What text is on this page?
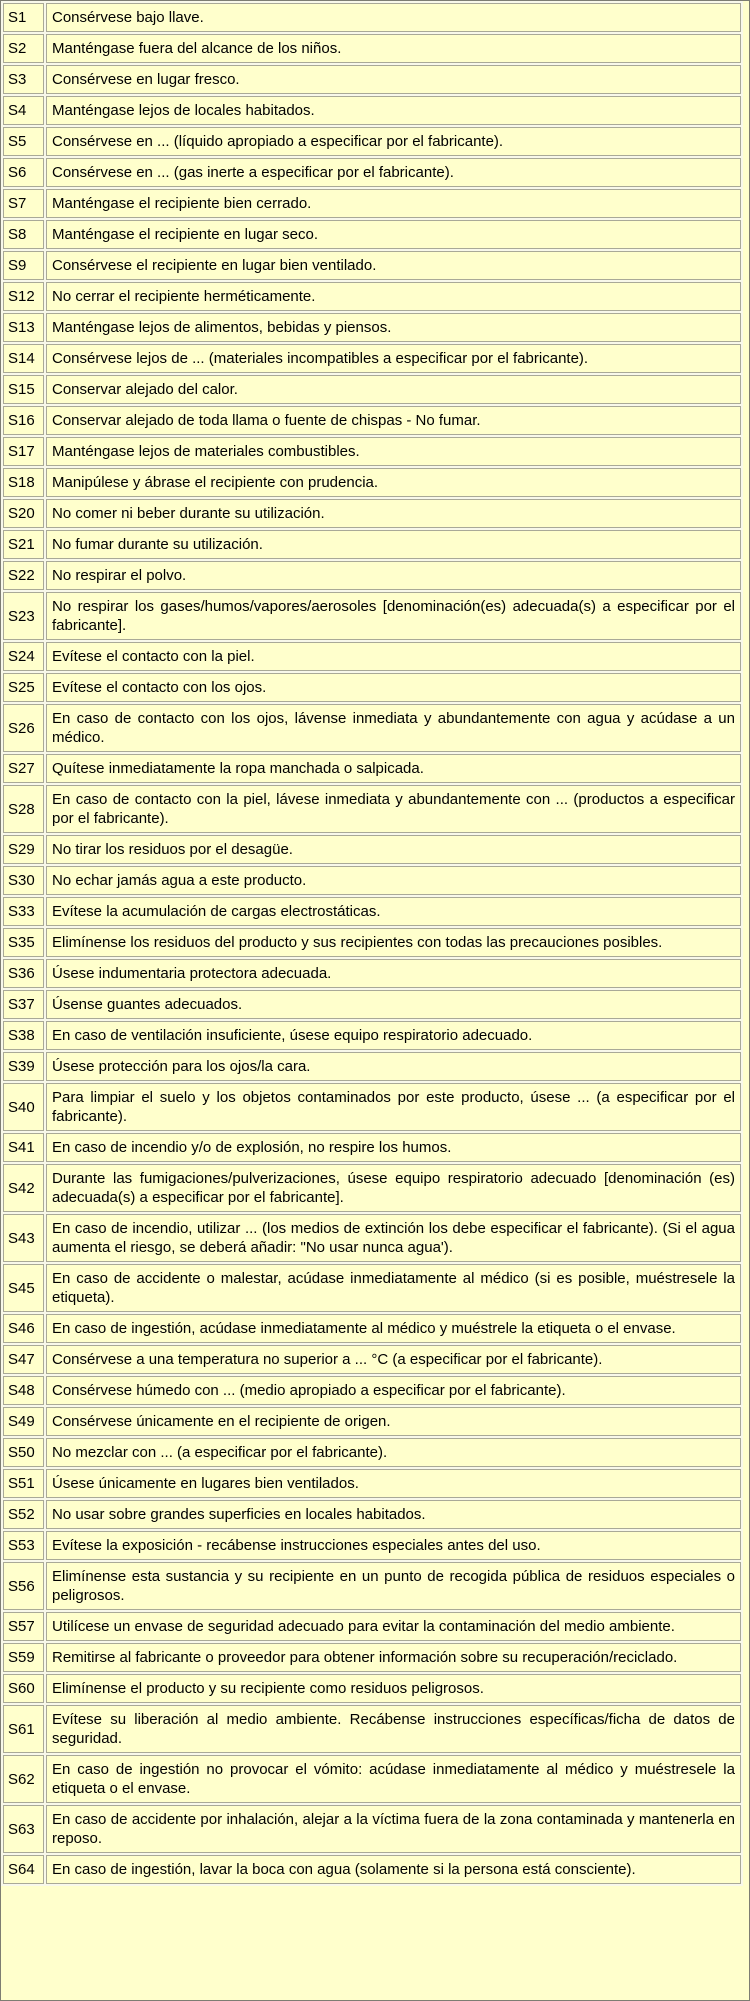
S1	Consérvese bajo llave.
S2	Manténgase fuera del alcance de los niños.
S3	Consérvese en lugar fresco.
S4	Manténgase lejos de locales habitados.
S5	Consérvese en ... (líquido apropiado a especificar por el fabricante).
S6	Consérvese en ... (gas inerte a especificar por el fabricante).
S7	Manténgase el recipiente bien cerrado.
S8	Manténgase el recipiente en lugar seco.
S9	Consérvese el recipiente en lugar bien ventilado.
S12	No cerrar el recipiente herméticamente.
S13	Manténgase lejos de alimentos, bebidas y piensos.
S14	Consérvese lejos de ... (materiales incompatibles a especificar por el fabricante).
S15	Conservar alejado del calor.
S16	Conservar alejado de toda llama o fuente de chispas - No fumar.
S17	Manténgase lejos de materiales combustibles.
S18	Manipúlese y ábrase el recipiente con prudencia.
S20	No comer ni beber durante su utilización.
S21	No fumar durante su utilización.
S22	No respirar el polvo.
S23	No respirar los gases/humos/vapores/aerosoles [denominación(es) adecuada(s) a especificar por el fabricante].
S24	Evítese el contacto con la piel.
S25	Evítese el contacto con los ojos.
S26	En caso de contacto con los ojos, lávense inmediata y abundantemente con agua y acúdase a un médico.
S27	Quítese inmediatamente la ropa manchada o salpicada.
S28	En caso de contacto con la piel, lávese inmediata y abundantemente con ... (productos a especificar por el fabricante).
S29	No tirar los residuos por el desagüe.
S30	No echar jamás agua a este producto.
S33	Evítese la acumulación de cargas electrostáticas.
S35	Elimínense los residuos del producto y sus recipientes con todas las precauciones posibles.
S36	Úsese indumentaria protectora adecuada.
S37	Úsense guantes adecuados.
S38	En caso de ventilación insuficiente, úsese equipo respiratorio adecuado.
S39	Úsese protección para los ojos/la cara.
S40	Para limpiar el suelo y los objetos contaminados por este producto, úsese ... (a especificar por el fabricante).
S41	En caso de incendio y/o de explosión, no respire los humos.
S42	Durante las fumigaciones/pulverizaciones, úsese equipo respiratorio adecuado [denominación (es) adecuada(s) a especificar por el fabricante].
S43	En caso de incendio, utilizar ... (los medios de extinción los debe especificar el fabricante). (Si el agua aumenta el riesgo, se deberá añadir: "No usar nunca agua').
S45	En caso de accidente o malestar, acúdase inmediatamente al médico (si es posible, muéstresele la etiqueta).
S46	En caso de ingestión, acúdase inmediatamente al médico y muéstrele la etiqueta o el envase.
S47	Consérvese a una temperatura no superior a ... °C (a especificar por el fabricante).
S48	Consérvese húmedo con ... (medio apropiado a especificar por el fabricante).
S49	Consérvese únicamente en el recipiente de origen.
S50	No mezclar con ... (a especificar por el fabricante).
S51	Úsese únicamente en lugares bien ventilados.
S52	No usar sobre grandes superficies en locales habitados.
S53	Evítese la exposición - recábense instrucciones especiales antes del uso.
S56	Elimínense esta sustancia y su recipiente en un punto de recogida pública de residuos especiales o peligrosos.
S57	Utilícese un envase de seguridad adecuado para evitar la contaminación del medio ambiente.
S59	Remitirse al fabricante o proveedor para obtener información sobre su recuperación/reciclado.
S60	Elimínense el producto y su recipiente como residuos peligrosos.
S61	Evítese su liberación al medio ambiente. Recábense instrucciones específicas/ficha de datos de seguridad.
S62	En caso de ingestión no provocar el vómito: acúdase inmediatamente al médico y muéstresele la etiqueta o el envase.
S63	En caso de accidente por inhalación, alejar a la víctima fuera de la zona contaminada y mantenerla en reposo.
S64	En caso de ingestión, lavar la boca con agua (solamente si la persona está consciente).
